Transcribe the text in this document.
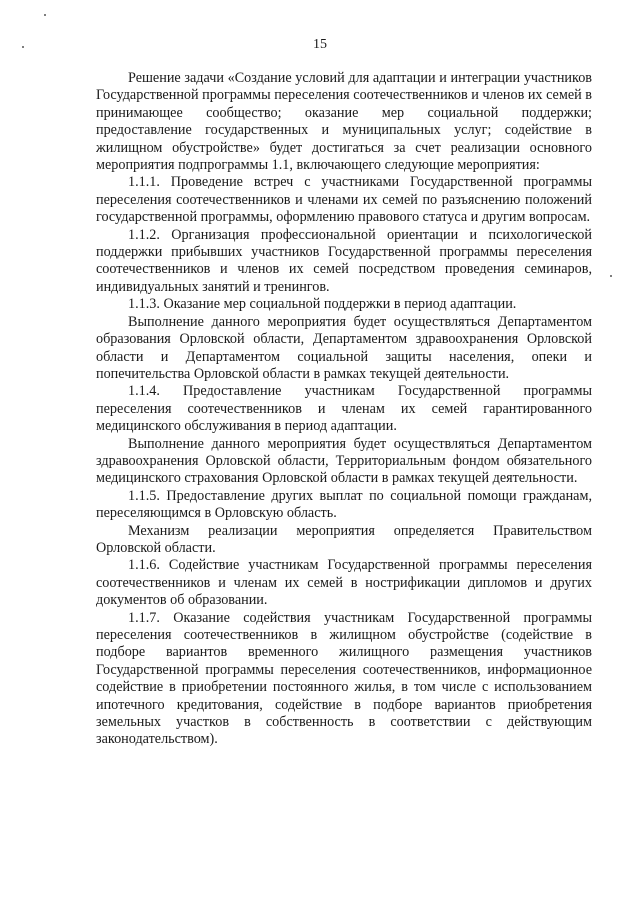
15

Решение задачи «Создание условий для адаптации и интеграции участников Государственной программы переселения соотечественников и членов их семей в принимающее сообщество; оказание мер социальной поддержки; предоставление государственных и муниципальных услуг; содействие в жилищном обустройстве» будет достигаться за счет реализации основного мероприятия подпрограммы 1.1, включающего следующие мероприятия:

1.1.1. Проведение встреч с участниками Государственной программы переселения соотечественников и членами их семей по разъяснению положений государственной программы, оформлению правового статуса и другим вопросам.

1.1.2. Организация профессиональной ориентации и психологической поддержки прибывших участников Государственной программы переселения соотечественников и членов их семей посредством проведения семинаров, индивидуальных занятий и тренингов.

1.1.3. Оказание мер социальной поддержки в период адаптации.

Выполнение данного мероприятия будет осуществляться Департаментом образования Орловской области, Департаментом здравоохранения Орловской области и Департаментом социальной защиты населения, опеки и попечительства Орловской области в рамках текущей деятельности.

1.1.4. Предоставление участникам Государственной программы переселения соотечественников и членам их семей гарантированного медицинского обслуживания в период адаптации.

Выполнение данного мероприятия будет осуществляться Департаментом здравоохранения Орловской области, Территориальным фондом обязательного медицинского страхования Орловской области в рамках текущей деятельности.

1.1.5. Предоставление других выплат по социальной помощи гражданам, переселяющимся в Орловскую область.

Механизм реализации мероприятия определяется Правительством Орловской области.

1.1.6. Содействие участникам Государственной программы переселения соотечественников и членам их семей в нострификации дипломов и других документов об образовании.

1.1.7. Оказание содействия участникам Государственной программы переселения соотечественников в жилищном обустройстве (содействие в подборе вариантов временного жилищного размещения участников Государственной программы переселения соотечественников, информационное содействие в приобретении постоянного жилья, в том числе с использованием ипотечного кредитования, содействие в подборе вариантов приобретения земельных участков в собственность в соответствии с действующим законодательством).
